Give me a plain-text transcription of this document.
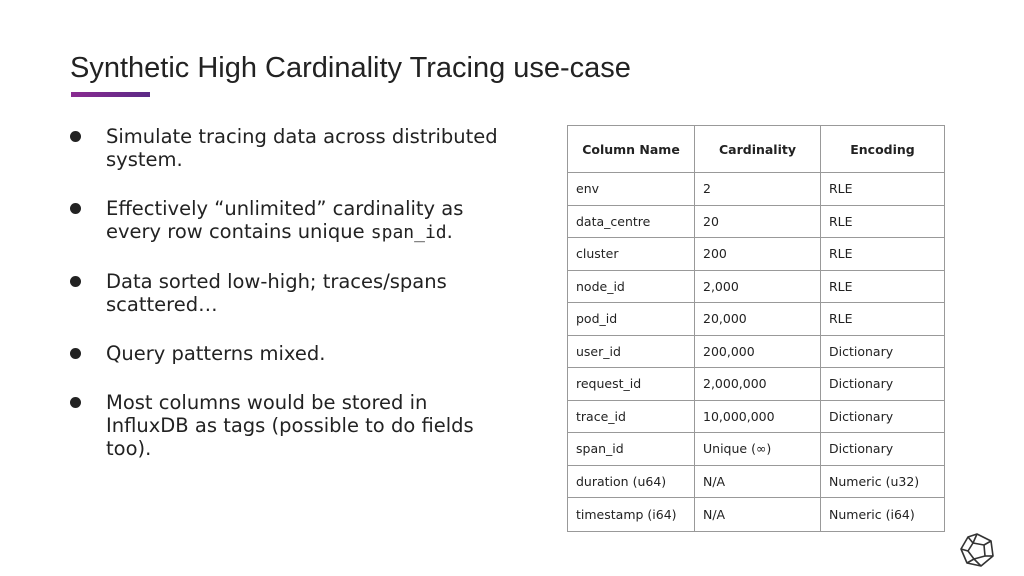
Synthetic High Cardinality Tracing use-case
Simulate tracing data across distributed system.
Effectively “unlimited” cardinality as every row contains unique span_id.
Data sorted low-high; traces/spans scattered…
Query patterns mixed.
Most columns would be stored in InfluxDB as tags (possible to do fields too).
Column Name	Cardinality	Encoding
env	2	RLE
data_centre	20	RLE
cluster	200	RLE
node_id	2,000	RLE
pod_id	20,000	RLE
user_id	200,000	Dictionary
request_id	2,000,000	Dictionary
trace_id	10,000,000	Dictionary
span_id	Unique (∞)	Dictionary
duration (u64)	N/A	Numeric (u32)
timestamp (i64)	N/A	Numeric (i64)
